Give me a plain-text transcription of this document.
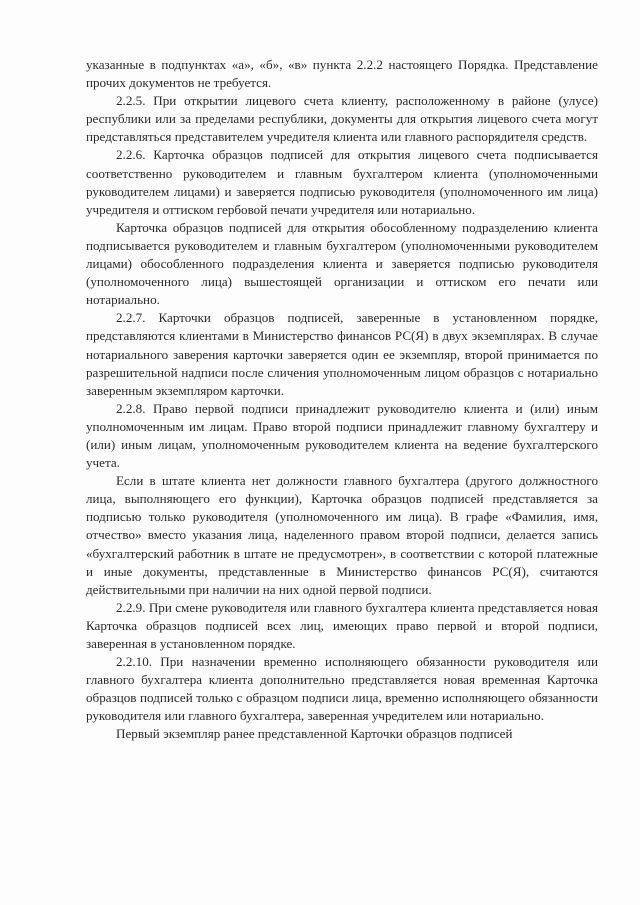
указанные в подпунктах «а», «б», «в» пункта 2.2.2 настоящего Порядка. Представление прочих документов не требуется.

2.2.5. При открытии лицевого счета клиенту, расположенному в районе (улусе) республики или за пределами республики, документы для открытия лицевого счета могут представляться представителем учредителя клиента или главного распорядителя средств.

2.2.6. Карточка образцов подписей для открытия лицевого счета подписывается соответственно руководителем и главным бухгалтером клиента (уполномоченными руководителем лицами) и заверяется подписью руководителя (уполномоченного им лица) учредителя и оттиском гербовой печати учредителя или нотариально.

Карточка образцов подписей для открытия обособленному подразделению клиента подписывается руководителем и главным бухгалтером (уполномоченными руководителем лицами) обособленного подразделения клиента и заверяется подписью руководителя (уполномоченного лица) вышестоящей организации и оттиском его печати или нотариально.

2.2.7. Карточки образцов подписей, заверенные в установленном порядке, представляются клиентами в Министерство финансов РС(Я) в двух экземплярах. В случае нотариального заверения карточки заверяется один ее экземпляр, второй принимается по разрешительной надписи после сличения уполномоченным лицом образцов с нотариально заверенным экземпляром карточки.

2.2.8. Право первой подписи принадлежит руководителю клиента и (или) иным уполномоченным им лицам. Право второй подписи принадлежит главному бухгалтеру и (или) иным лицам, уполномоченным руководителем клиента на ведение бухгалтерского учета.

Если в штате клиента нет должности главного бухгалтера (другого должностного лица, выполняющего его функции), Карточка образцов подписей представляется за подписью только руководителя (уполномоченного им лица). В графе «Фамилия, имя, отчество» вместо указания лица, наделенного правом второй подписи, делается запись «бухгалтерский работник в штате не предусмотрен», в соответствии с которой платежные и иные документы, представленные в Министерство финансов РС(Я), считаются действительными при наличии на них одной первой подписи.

2.2.9. При смене руководителя или главного бухгалтера клиента представляется новая Карточка образцов подписей всех лиц, имеющих право первой и второй подписи, заверенная в установленном порядке.

2.2.10. При назначении временно исполняющего обязанности руководителя или главного бухгалтера клиента дополнительно представляется новая временная Карточка образцов подписей только с образцом подписи лица, временно исполняющего обязанности руководителя или главного бухгалтера, заверенная учредителем или нотариально.

Первый экземпляр ранее представленной Карточки образцов подписей
